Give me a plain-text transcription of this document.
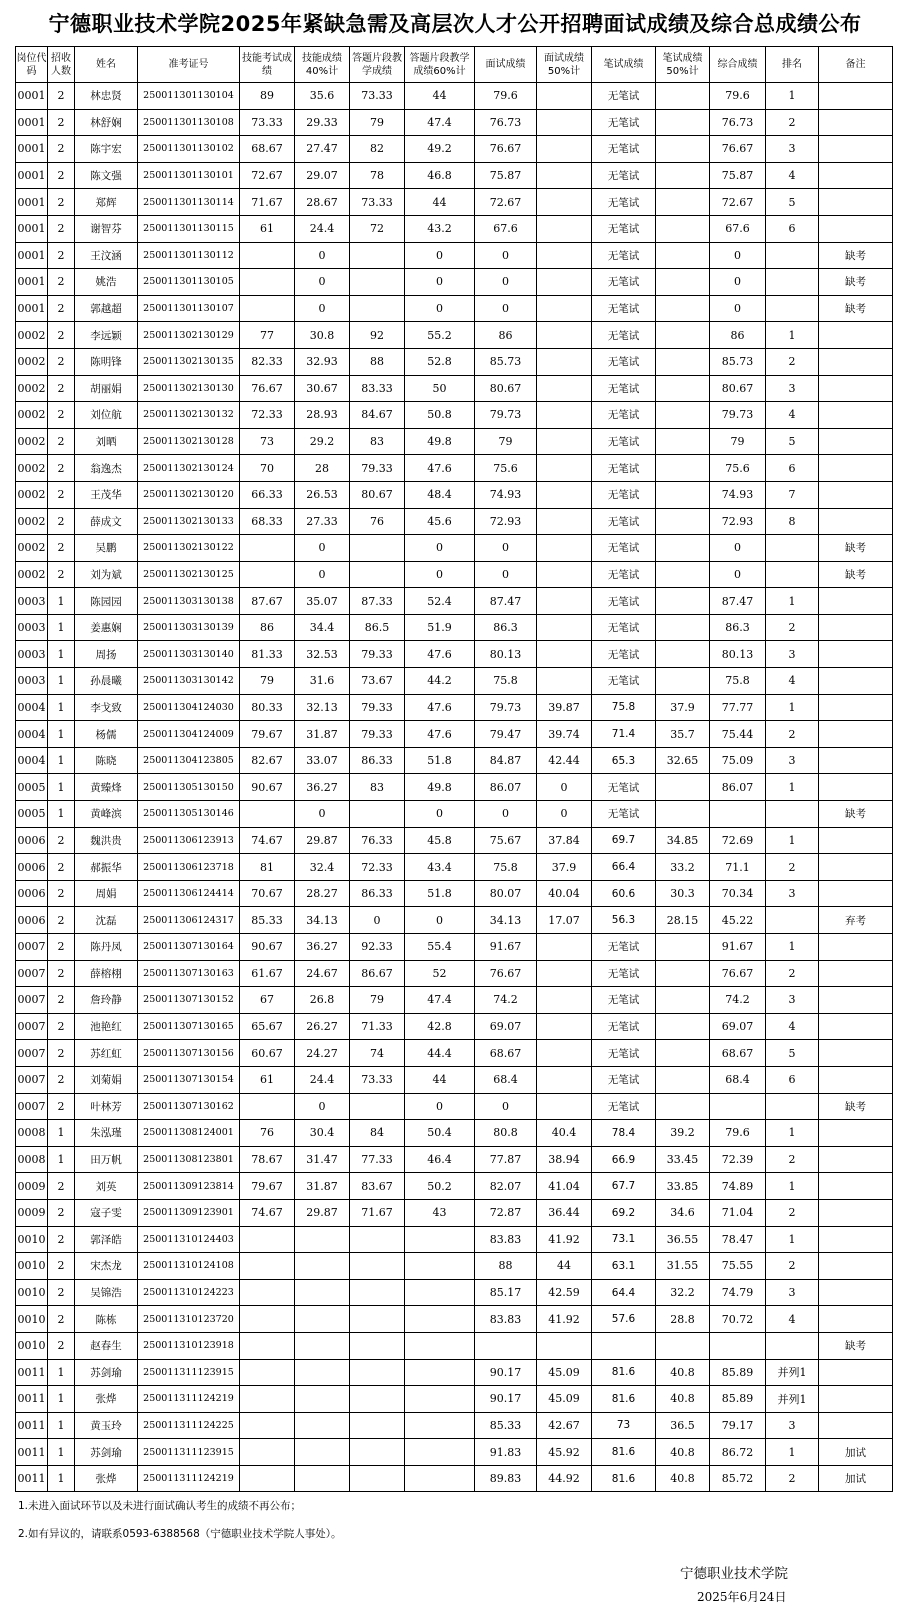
宁德职业技术学院2025年紧缺急需及高层次人才公开招聘面试成绩及综合总成绩公布
岗位代码	招收人数	姓名	准考证号	技能考试成绩	技能成绩40%计	答题片段教学成绩	答题片段教学成绩60%计	面试成绩	面试成绩50%计	笔试成绩	笔试成绩50%计	综合成绩	排名	备注
0001	2	林忠贤	250011301130104	89	35.6	73.33	44	79.6		无笔试		79.6	1	
0001	2	林舒娴	250011301130108	73.33	29.33	79	47.4	76.73		无笔试		76.73	2	
0001	2	陈宇宏	250011301130102	68.67	27.47	82	49.2	76.67		无笔试		76.67	3	
0001	2	陈文强	250011301130101	72.67	29.07	78	46.8	75.87		无笔试		75.87	4	
0001	2	郑辉	250011301130114	71.67	28.67	73.33	44	72.67		无笔试		72.67	5	
0001	2	谢智芬	250011301130115	61	24.4	72	43.2	67.6		无笔试		67.6	6	
0001	2	王汶涵	250011301130112		0		0	0		无笔试		0		缺考
0001	2	姚浩	250011301130105		0		0	0		无笔试		0		缺考
0001	2	郭越超	250011301130107		0		0	0		无笔试		0		缺考
0002	2	李远颖	250011302130129	77	30.8	92	55.2	86		无笔试		86	1	
0002	2	陈明锋	250011302130135	82.33	32.93	88	52.8	85.73		无笔试		85.73	2	
0002	2	胡丽娟	250011302130130	76.67	30.67	83.33	50	80.67		无笔试		80.67	3	
0002	2	刘位航	250011302130132	72.33	28.93	84.67	50.8	79.73		无笔试		79.73	4	
0002	2	刘晒	250011302130128	73	29.2	83	49.8	79		无笔试		79	5	
0002	2	翁逸杰	250011302130124	70	28	79.33	47.6	75.6		无笔试		75.6	6	
0002	2	王茂华	250011302130120	66.33	26.53	80.67	48.4	74.93		无笔试		74.93	7	
0002	2	薛成文	250011302130133	68.33	27.33	76	45.6	72.93		无笔试		72.93	8	
0002	2	吴鹏	250011302130122		0		0	0		无笔试		0		缺考
0002	2	刘为斌	250011302130125		0		0	0		无笔试		0		缺考
0003	1	陈园园	250011303130138	87.67	35.07	87.33	52.4	87.47		无笔试		87.47	1	
0003	1	姜惠娴	250011303130139	86	34.4	86.5	51.9	86.3		无笔试		86.3	2	
0003	1	周扬	250011303130140	81.33	32.53	79.33	47.6	80.13		无笔试		80.13	3	
0003	1	孙晨曦	250011303130142	79	31.6	73.67	44.2	75.8		无笔试		75.8	4	
0004	1	李戈致	250011304124030	80.33	32.13	79.33	47.6	79.73	39.87	75.8	37.9	77.77	1	
0004	1	杨儒	250011304124009	79.67	31.87	79.33	47.6	79.47	39.74	71.4	35.7	75.44	2	
0004	1	陈晓	250011304123805	82.67	33.07	86.33	51.8	84.87	42.44	65.3	32.65	75.09	3	
0005	1	黄臻烽	250011305130150	90.67	36.27	83	49.8	86.07	0	无笔试		86.07	1	
0005	1	黄峰滨	250011305130146		0		0	0	0	无笔试				缺考
0006	2	魏洪贵	250011306123913	74.67	29.87	76.33	45.8	75.67	37.84	69.7	34.85	72.69	1	
0006	2	郝振华	250011306123718	81	32.4	72.33	43.4	75.8	37.9	66.4	33.2	71.1	2	
0006	2	周娟	250011306124414	70.67	28.27	86.33	51.8	80.07	40.04	60.6	30.3	70.34	3	
0006	2	沈磊	250011306124317	85.33	34.13	0	0	34.13	17.07	56.3	28.15	45.22		弃考
0007	2	陈丹凤	250011307130164	90.67	36.27	92.33	55.4	91.67		无笔试		91.67	1	
0007	2	薛榕栩	250011307130163	61.67	24.67	86.67	52	76.67		无笔试		76.67	2	
0007	2	詹玲静	250011307130152	67	26.8	79	47.4	74.2		无笔试		74.2	3	
0007	2	池艳红	250011307130165	65.67	26.27	71.33	42.8	69.07		无笔试		69.07	4	
0007	2	苏红虹	250011307130156	60.67	24.27	74	44.4	68.67		无笔试		68.67	5	
0007	2	刘菊娟	250011307130154	61	24.4	73.33	44	68.4		无笔试		68.4	6	
0007	2	叶林芳	250011307130162		0		0	0		无笔试				缺考
0008	1	朱泓瑾	250011308124001	76	30.4	84	50.4	80.8	40.4	78.4	39.2	79.6	1	
0008	1	田万帆	250011308123801	78.67	31.47	77.33	46.4	77.87	38.94	66.9	33.45	72.39	2	
0009	2	刘英	250011309123814	79.67	31.87	83.67	50.2	82.07	41.04	67.7	33.85	74.89	1	
0009	2	寇子雯	250011309123901	74.67	29.87	71.67	43	72.87	36.44	69.2	34.6	71.04	2	
0010	2	郭泽皓	250011310124403					83.83	41.92	73.1	36.55	78.47	1	
0010	2	宋杰龙	250011310124108					88	44	63.1	31.55	75.55	2	
0010	2	吴锦浩	250011310124223					85.17	42.59	64.4	32.2	74.79	3	
0010	2	陈栋	250011310123720					83.83	41.92	57.6	28.8	70.72	4	
0010	2	赵春生	250011310123918											缺考
0011	1	苏剑瑜	250011311123915					90.17	45.09	81.6	40.8	85.89	并列1	
0011	1	张烨	250011311124219					90.17	45.09	81.6	40.8	85.89	并列1	
0011	1	黄玉玲	250011311124225					85.33	42.67	73	36.5	79.17	3	
0011	1	苏剑瑜	250011311123915					91.83	45.92	81.6	40.8	86.72	1	加试
0011	1	张烨	250011311124219					89.83	44.92	81.6	40.8	85.72	2	加试
1.未进入面试环节以及未进行面试确认考生的成绩不再公布；
2.如有异议的，请联系0593-6388568（宁德职业技术学院人事处）。
宁德职业技术学院
2025年6月24日
